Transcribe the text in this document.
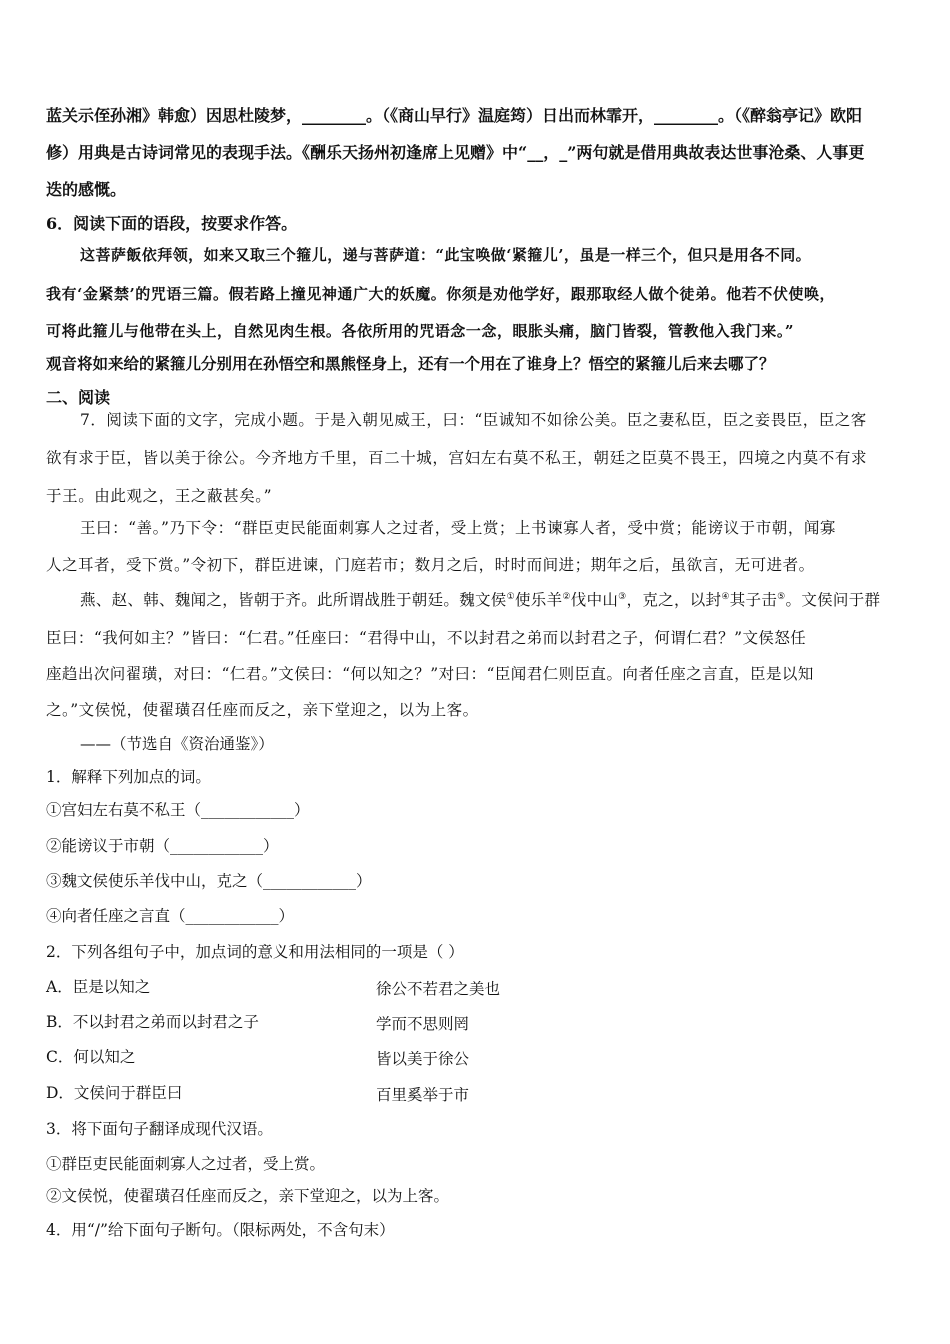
蓝关示侄孙湘》韩愈）因思杜陵梦，________。（《商山早行》温庭筠）日出而林霏开，________。（《醉翁亭记》欧阳
修）用典是古诗词常见的表现手法。《酬乐天扬州初逢席上见赠》中“__，_”两句就是借用典故表达世事沧桑、人事更
迭的感慨。
6．阅读下面的语段，按要求作答。
这菩萨飯依拜领，如来又取三个箍儿，递与菩萨道：“此宝唤做‘紧箍儿’，虽是一样三个，但只是用各不同。
我有‘金紧禁’的咒语三篇。假若路上撞见神通广大的妖魔。你须是劝他学好，跟那取经人做个徒弟。他若不伏使唤，
可将此箍儿与他带在头上，自然见肉生根。各依所用的咒语念一念，眼胀头痛，脑门皆裂，管教他入我门来。”
观音将如来给的紧箍儿分别用在孙悟空和黑熊怪身上，还有一个用在了谁身上？悟空的紧箍儿后来去哪了？
二、阅读
7．阅读下面的文字，完成小题。于是入朝见威王，曰：“臣诚知不如徐公美。臣之妻私臣，臣之妾畏臣，臣之客
欲有求于臣，皆以美于徐公。今齐地方千里，百二十城，宫妇左右莫不私王，朝廷之臣莫不畏王，四境之内莫不有求
于王。由此观之，王之蔽甚矣。”
王曰：“善。”乃下令：“群臣吏民能面刺寡人之过者，受上赏；上书谏寡人者，受中赏；能谤议于市朝，闻寡
人之耳者，受下赏。”令初下，群臣进谏，门庭若市；数月之后，时时而间进；期年之后，虽欲言，无可进者。
燕、赵、韩、魏闻之，皆朝于齐。此所谓战胜于朝廷。魏文侯①使乐羊②伐中山③，克之，以封④其子击⑤。文侯问于群
臣曰：“我何如主？”皆曰：“仁君。”任座曰：“君得中山，不以封君之弟而以封君之子，何谓仁君？”文侯怒任
座趋出次问翟璜，对曰：“仁君。”文侯曰：“何以知之？”对曰：“臣闻君仁则臣直。向者任座之言直，臣是以知
之。”文侯悦，使翟璜召任座而反之，亲下堂迎之，以为上客。
——（节选自《资治通鉴》）
1．解释下列加点的词。
①宫妇左右莫不私王（____________）
②能谤议于市朝（____________）
③魏文侯使乐羊伐中山，克之（____________）
④向者任座之言直（____________）
2．下列各组句子中，加点词的意义和用法相同的一项是（ ）
A．臣是以知之	徐公不若君之美也
B．不以封君之弟而以封君之子	学而不思则罔
C．何以知之	皆以美于徐公
D．文侯问于群臣曰	百里奚举于市
3．将下面句子翻译成现代汉语。
①群臣吏民能面刺寡人之过者，受上赏。
②文侯悦，使翟璜召任座而反之，亲下堂迎之，以为上客。
4．用“/”给下面句子断句。（限标两处，不含句末）
